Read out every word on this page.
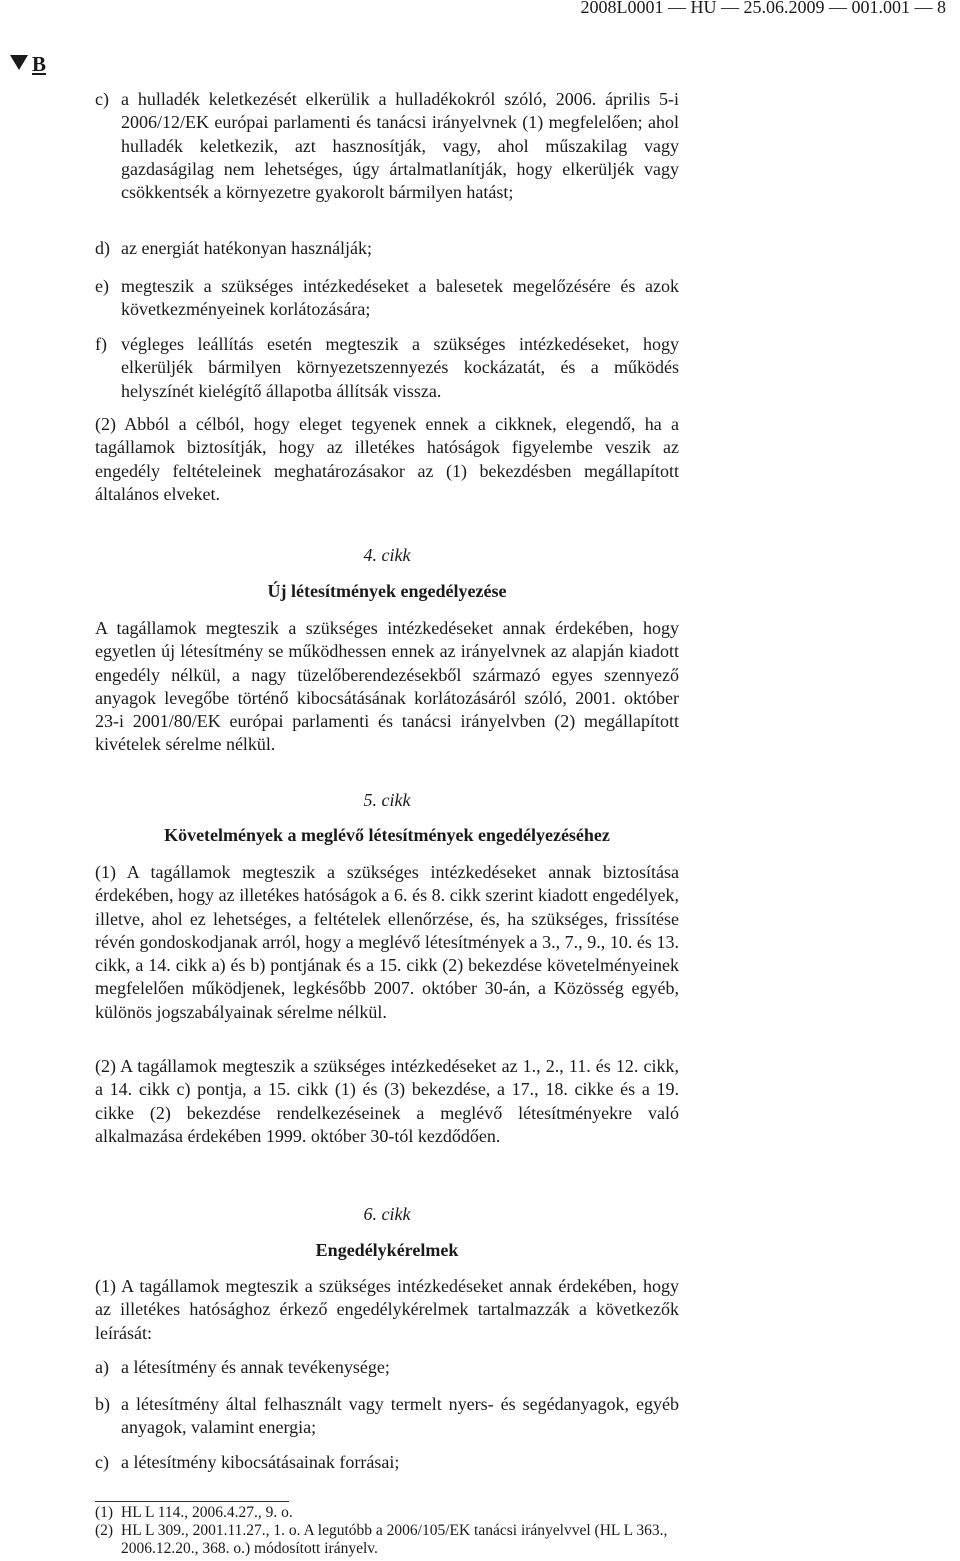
2008L0001 — HU — 25.06.2009 — 001.001 — 8
B
c) a hulladék keletkezését elkerülik a hulladékokról szóló, 2006. április 5-i 2006/12/EK európai parlamenti és tanácsi irányelvnek (1) megfelelően; ahol hulladék keletkezik, azt hasznosítják, vagy, ahol műszakilag vagy gazdaságilag nem lehetséges, úgy ártalmatlanítják, hogy elkerüljék vagy csökkentsék a környezetre gyakorolt bármilyen hatást;
d) az energiát hatékonyan használják;
e) megteszik a szükséges intézkedéseket a balesetek megelőzésére és azok következményeinek korlátozására;
f) végleges leállítás esetén megteszik a szükséges intézkedéseket, hogy elkerüljék bármilyen környezetszennyezés kockázatát, és a működés helyszínét kielégítő állapotba állítsák vissza.
(2) Abból a célból, hogy eleget tegyenek ennek a cikknek, elegendő, ha a tagállamok biztosítják, hogy az illetékes hatóságok figyelembe veszik az engedély feltételeinek meghatározásakor az (1) bekezdésben megállapított általános elveket.
4. cikk
Új létesítmények engedélyezése
A tagállamok megteszik a szükséges intézkedéseket annak érdekében, hogy egyetlen új létesítmény se működhessen ennek az irányelvnek az alapján kiadott engedély nélkül, a nagy tüzelőberendezésekből származó egyes szennyező anyagok levegőbe történő kibocsátásának korlátozásáról szóló, 2001. október 23-i 2001/80/EK európai parlamenti és tanácsi irányelvben (2) megállapított kivételek sérelme nélkül.
5. cikk
Követelmények a meglévő létesítmények engedélyezéséhez
(1) A tagállamok megteszik a szükséges intézkedéseket annak biztosítása érdekében, hogy az illetékes hatóságok a 6. és 8. cikk szerint kiadott engedélyek, illetve, ahol ez lehetséges, a feltételek ellenőrzése, és, ha szükséges, frissítése révén gondoskodjanak arról, hogy a meglévő létesítmények a 3., 7., 9., 10. és 13. cikk, a 14. cikk a) és b) pontjának és a 15. cikk (2) bekezdése követelményeinek megfelelően működjenek, legkésőbb 2007. október 30-án, a Közösség egyéb, különös jogszabályainak sérelme nélkül.
(2) A tagállamok megteszik a szükséges intézkedéseket az 1., 2., 11. és 12. cikk, a 14. cikk c) pontja, a 15. cikk (1) és (3) bekezdése, a 17., 18. cikke és a 19. cikke (2) bekezdése rendelkezéseinek a meglévő létesítményekre való alkalmazása érdekében 1999. október 30-tól kezdődően.
6. cikk
Engedélykérelmek
(1) A tagállamok megteszik a szükséges intézkedéseket annak érdekében, hogy az illetékes hatósághoz érkező engedélykérelmek tartalmazzák a következők leírását:
a) a létesítmény és annak tevékenysége;
b) a létesítmény által felhasznált vagy termelt nyers- és segédanyagok, egyéb anyagok, valamint energia;
c) a létesítmény kibocsátásainak forrásai;
(1) HL L 114., 2006.4.27., 9. o.
(2) HL L 309., 2001.11.27., 1. o. A legutóbb a 2006/105/EK tanácsi irányelvvel (HL L 363., 2006.12.20., 368. o.) módosított irányelv.
